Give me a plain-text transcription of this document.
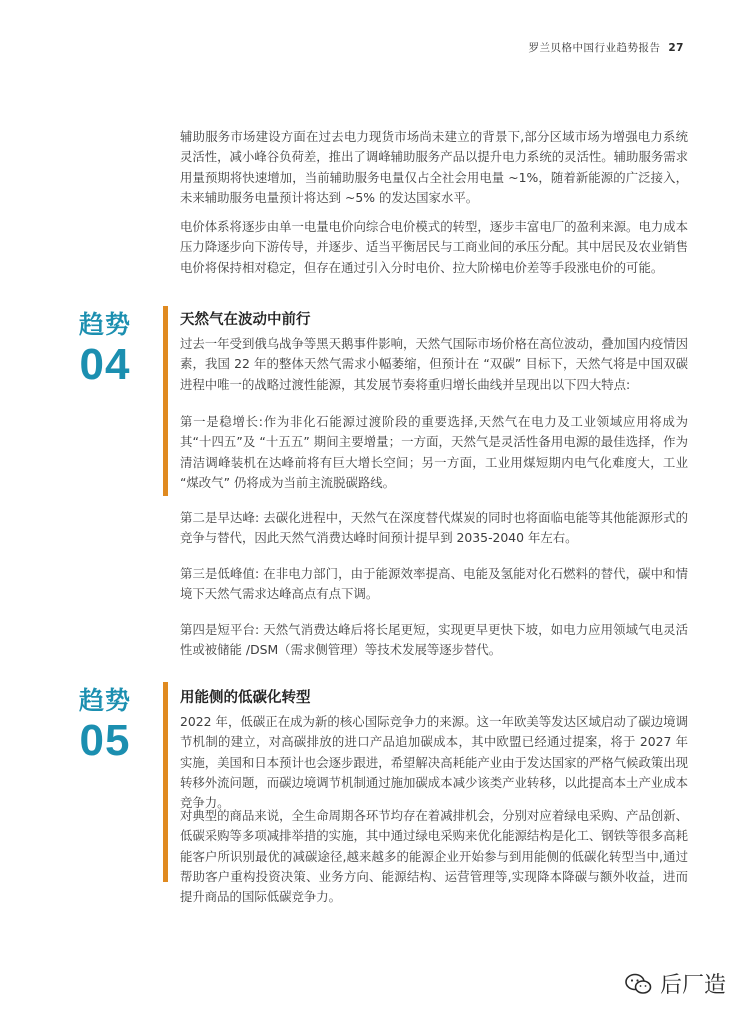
罗兰贝格中国行业趋势报告 27

辅助服务市场建设方面在过去电力现货市场尚未建立的背景下,部分区域市场为增强电力系统灵活性，减小峰谷负荷差，推出了调峰辅助服务产品以提升电力系统的灵活性。辅助服务需求用量预期将快速增加，当前辅助服务电量仅占全社会用电量 ~1%，随着新能源的广泛接入，未来辅助服务电量预计将达到 ~5% 的发达国家水平。

电价体系将逐步由单一电量电价向综合电价模式的转型，逐步丰富电厂的盈利来源。电力成本压力降逐步向下游传导，并逐步、适当平衡居民与工商业间的承压分配。其中居民及农业销售电价将保持相对稳定，但存在通过引入分时电价、拉大阶梯电价差等手段涨电价的可能。

趋势
04
天然气在波动中前行

过去一年受到俄乌战争等黑天鹅事件影响，天然气国际市场价格在高位波动，叠加国内疫情因素，我国 22 年的整体天然气需求小幅萎缩，但预计在 “双碳” 目标下，天然气将是中国双碳进程中唯一的战略过渡性能源，其发展节奏将重归增长曲线并呈现出以下四大特点:

第一是稳增长:作为非化石能源过渡阶段的重要选择,天然气在电力及工业领域应用将成为其“十四五”及 “十五五” 期间主要增量；一方面，天然气是灵活性备用电源的最佳选择，作为清洁调峰装机在达峰前将有巨大增长空间；另一方面，工业用煤短期内电气化难度大，工业 “煤改气” 仍将成为当前主流脱碳路线。

第二是早达峰: 去碳化进程中，天然气在深度替代煤炭的同时也将面临电能等其他能源形式的竞争与替代，因此天然气消费达峰时间预计提早到 2035-2040 年左右。

第三是低峰值: 在非电力部门，由于能源效率提高、电能及氢能对化石燃料的替代，碳中和情境下天然气需求达峰高点有点下调。

第四是短平台: 天然气消费达峰后将长尾更短，实现更早更快下坡，如电力应用领域气电灵活性或被储能 /DSM（需求侧管理）等技术发展等逐步替代。

趋势
05
用能侧的低碳化转型

2022 年，低碳正在成为新的核心国际竞争力的来源。这一年欧美等发达区域启动了碳边境调节机制的建立，对高碳排放的进口产品追加碳成本，其中欧盟已经通过提案，将于 2027 年实施，美国和日本预计也会逐步跟进，希望解决高耗能产业由于发达国家的严格气候政策出现转移外流问题，而碳边境调节机制通过施加碳成本减少该类产业转移，以此提高本土产业成本竞争力。

对典型的商品来说，全生命周期各环节均存在着减排机会，分别对应着绿电采购、产品创新、低碳采购等多项减排举措的实施，其中通过绿电采购来优化能源结构是化工、钢铁等很多高耗能客户所识别最优的减碳途径,越来越多的能源企业开始参与到用能侧的低碳化转型当中,通过帮助客户重构投资决策、业务方向、能源结构、运营管理等,实现降本降碳与额外收益，进而提升商品的国际低碳竞争力。

后厂造
